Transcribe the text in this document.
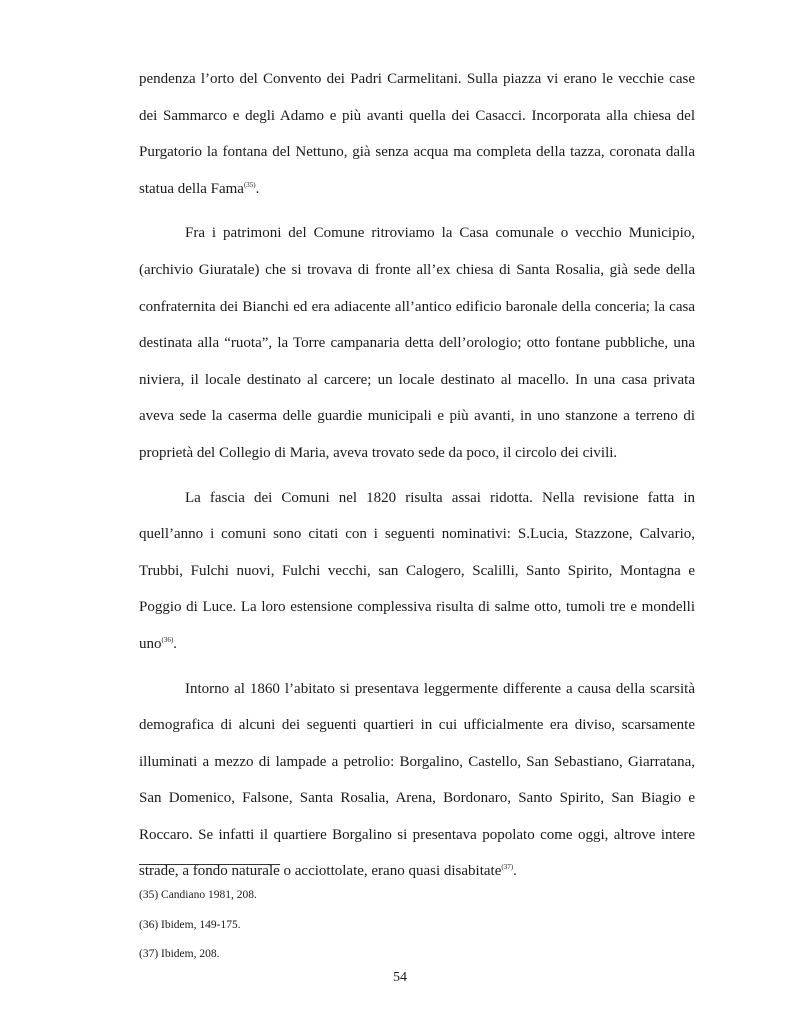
pendenza l’orto del Convento dei Padri Carmelitani. Sulla piazza vi erano le vecchie case dei Sammarco e degli Adamo e più avanti quella dei Casacci. Incorporata alla chiesa del Purgatorio la fontana del Nettuno, già senza acqua ma completa della tazza, coronata dalla statua della Fama$^{(35)}$.

Fra i patrimoni del Comune ritroviamo la Casa comunale o vecchio Municipio, (archivio Giuratale) che si trovava di fronte all’ex chiesa di Santa Rosalia, già sede della confraternita dei Bianchi ed era adiacente all’antico edificio baronale della conceria; la casa destinata alla “ruota”, la Torre campanaria detta dell’orologio; otto fontane pubbliche, una niviera, il locale destinato al carcere; un locale destinato al macello. In una casa privata aveva sede la caserma delle guardie municipali e più avanti, in uno stanzone a terreno di proprietà del Collegio di Maria, aveva trovato sede da poco, il circolo dei civili.

La fascia dei Comuni nel 1820 risulta assai ridotta. Nella revisione fatta in quell’anno i comuni sono citati con i seguenti nominativi: S.Lucia, Stazzone, Calvario, Trubbi, Fulchi nuovi, Fulchi vecchi, san Calogero, Scalilli, Santo Spirito, Montagna e Poggio di Luce. La loro estensione complessiva risulta di salme otto, tumoli tre e mondelli uno$^{(36)}$.

Intorno al 1860 l’abitato si presentava leggermente differente a causa della scarsità demografica di alcuni dei seguenti quartieri in cui ufficialmente era diviso, scarsamente illuminati a mezzo di lampade a petrolio: Borgalino, Castello, San Sebastiano, Giarratana, San Domenico, Falsone, Santa Rosalia, Arena, Bordonaro, Santo Spirito, San Biagio e Roccaro. Se infatti il quartiere Borgalino si presentava popolato come oggi, altrove intere strade, a fondo naturale o acciottolate, erano quasi disabitate$^{(37)}$.

(35) Candiano 1981, 208.
(36) Ibidem, 149-175.
(37) Ibidem, 208.
54
